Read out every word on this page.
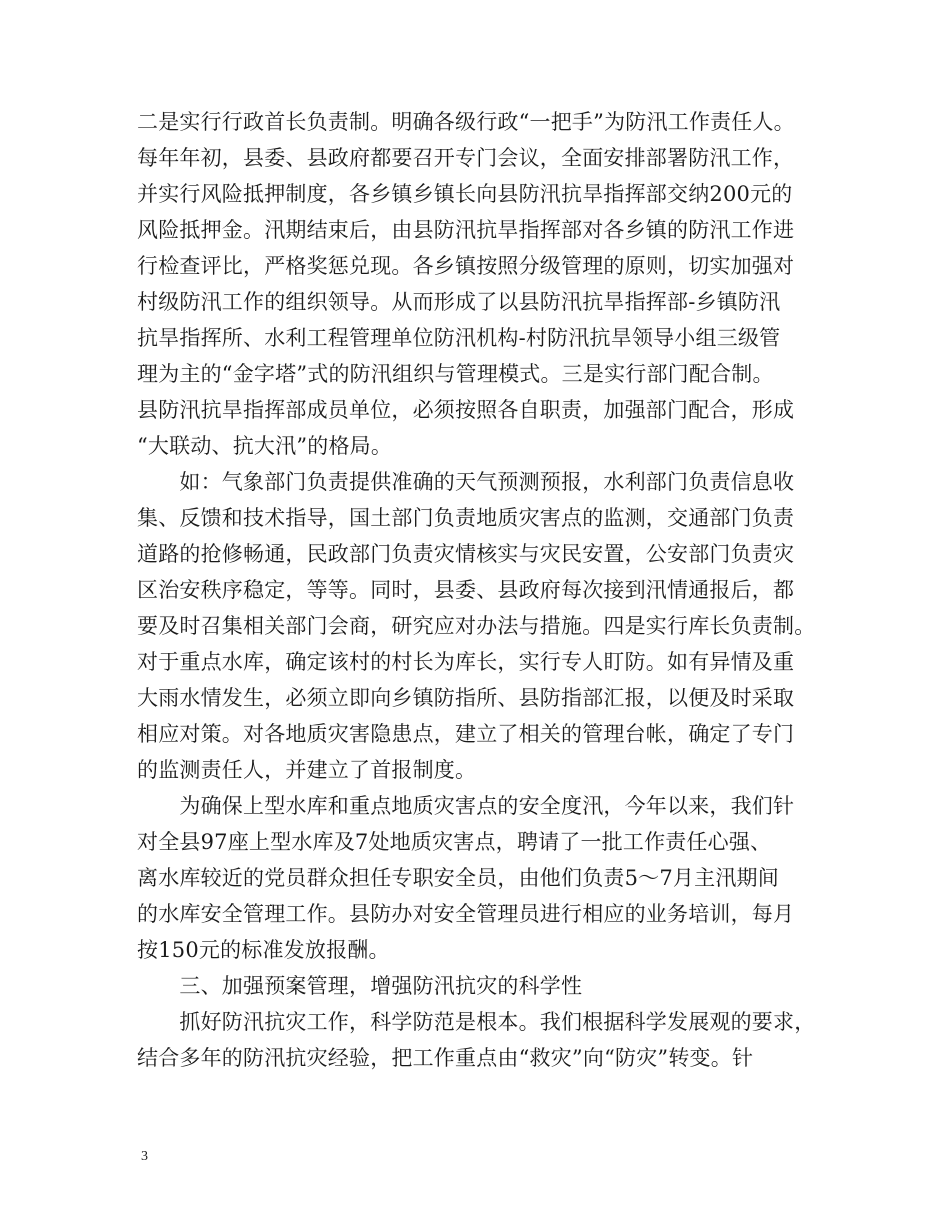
二是实行行政首长负责制。明确各级行政“一把手”为防汛工作责任人。
每年年初，县委、县政府都要召开专门会议，全面安排部署防汛工作，
并实行风险抵押制度，各乡镇乡镇长向县防汛抗旱指挥部交纳200元的
风险抵押金。汛期结束后，由县防汛抗旱指挥部对各乡镇的防汛工作进
行检查评比，严格奖惩兑现。各乡镇按照分级管理的原则，切实加强对
村级防汛工作的组织领导。从而形成了以县防汛抗旱指挥部-乡镇防汛
抗旱指挥所、水利工程管理单位防汛机构-村防汛抗旱领导小组三级管
理为主的“金字塔”式的防汛组织与管理模式。三是实行部门配合制。
县防汛抗旱指挥部成员单位，必须按照各自职责，加强部门配合，形成
“大联动、抗大汛”的格局。
　　如：气象部门负责提供准确的天气预测预报，水利部门负责信息收
集、反馈和技术指导，国土部门负责地质灾害点的监测，交通部门负责
道路的抢修畅通，民政部门负责灾情核实与灾民安置，公安部门负责灾
区治安秩序稳定，等等。同时，县委、县政府每次接到汛情通报后，都
要及时召集相关部门会商，研究应对办法与措施。四是实行库长负责制。
对于重点水库，确定该村的村长为库长，实行专人盯防。如有异情及重
大雨水情发生，必须立即向乡镇防指所、县防指部汇报，以便及时采取
相应对策。对各地质灾害隐患点，建立了相关的管理台帐，确定了专门
的监测责任人，并建立了首报制度。
　　为确保上型水库和重点地质灾害点的安全度汛，今年以来，我们针
对全县97座上型水库及7处地质灾害点，聘请了一批工作责任心强、
离水库较近的党员群众担任专职安全员，由他们负责5～7月主汛期间
的水库安全管理工作。县防办对安全管理员进行相应的业务培训，每月
按150元的标准发放报酬。
　　三、加强预案管理，增强防汛抗灾的科学性
　　抓好防汛抗灾工作，科学防范是根本。我们根据科学发展观的要求，
结合多年的防汛抗灾经验，把工作重点由“救灾”向“防灾”转变。针
3
